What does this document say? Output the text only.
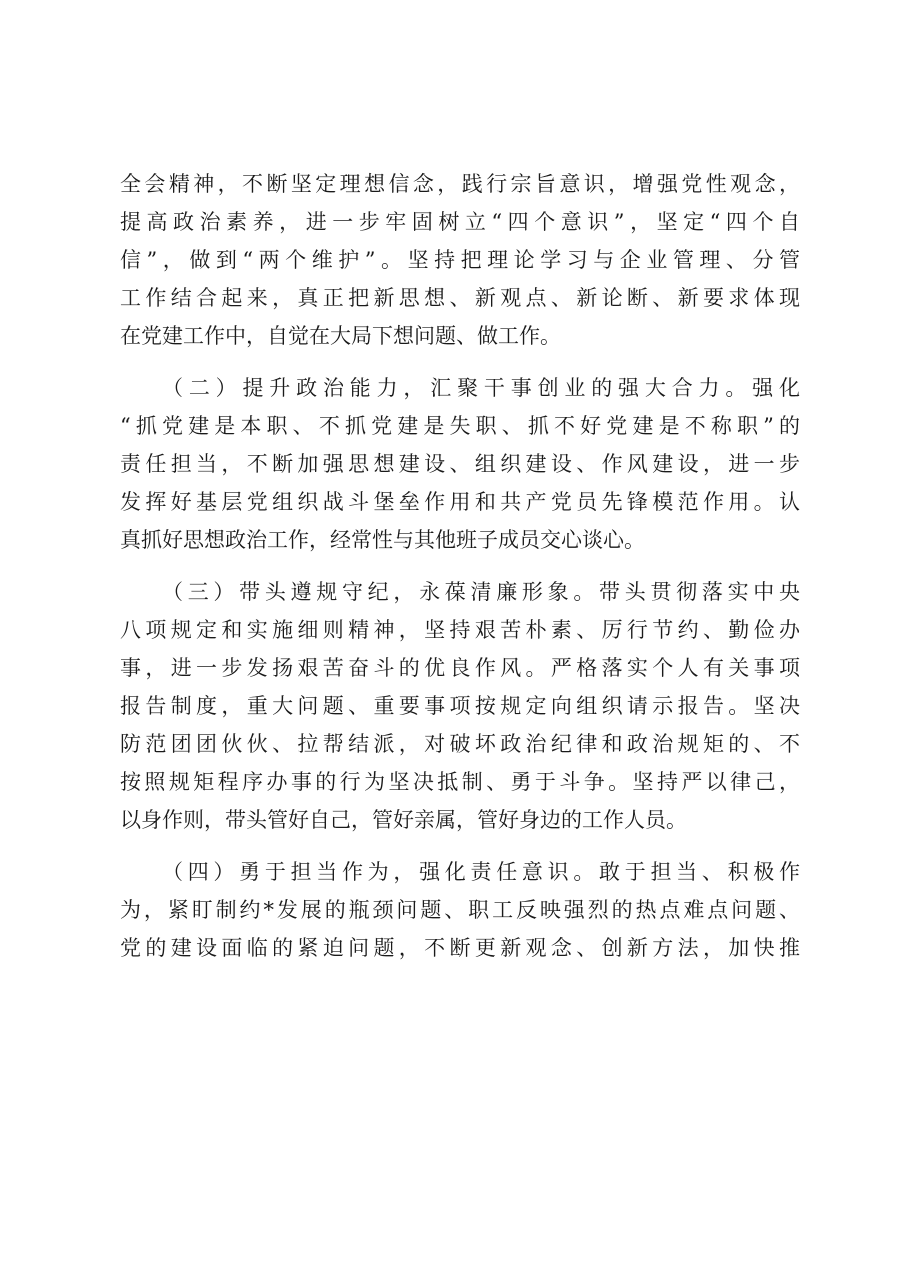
全会精神，不断坚定理想信念，践行宗旨意识，增强党性观念，
提高政治素养，进一步牢固树立“四个意识”，坚定“四个自
信”，做到“两个维护”。坚持把理论学习与企业管理、分管
工作结合起来，真正把新思想、新观点、新论断、新要求体现
在党建工作中，自觉在大局下想问题、做工作。
（二）提升政治能力，汇聚干事创业的强大合力。强化
“抓党建是本职、不抓党建是失职、抓不好党建是不称职”的
责任担当，不断加强思想建设、组织建设、作风建设，进一步
发挥好基层党组织战斗堡垒作用和共产党员先锋模范作用。认
真抓好思想政治工作，经常性与其他班子成员交心谈心。
（三）带头遵规守纪，永葆清廉形象。带头贯彻落实中央
八项规定和实施细则精神，坚持艰苦朴素、厉行节约、勤俭办
事，进一步发扬艰苦奋斗的优良作风。严格落实个人有关事项
报告制度，重大问题、重要事项按规定向组织请示报告。坚决
防范团团伙伙、拉帮结派，对破坏政治纪律和政治规矩的、不
按照规矩程序办事的行为坚决抵制、勇于斗争。坚持严以律己，
以身作则，带头管好自己，管好亲属，管好身边的工作人员。
（四）勇于担当作为，强化责任意识。敢于担当、积极作
为，紧盯制约*发展的瓶颈问题、职工反映强烈的热点难点问题、
党的建设面临的紧迫问题，不断更新观念、创新方法，加快推
